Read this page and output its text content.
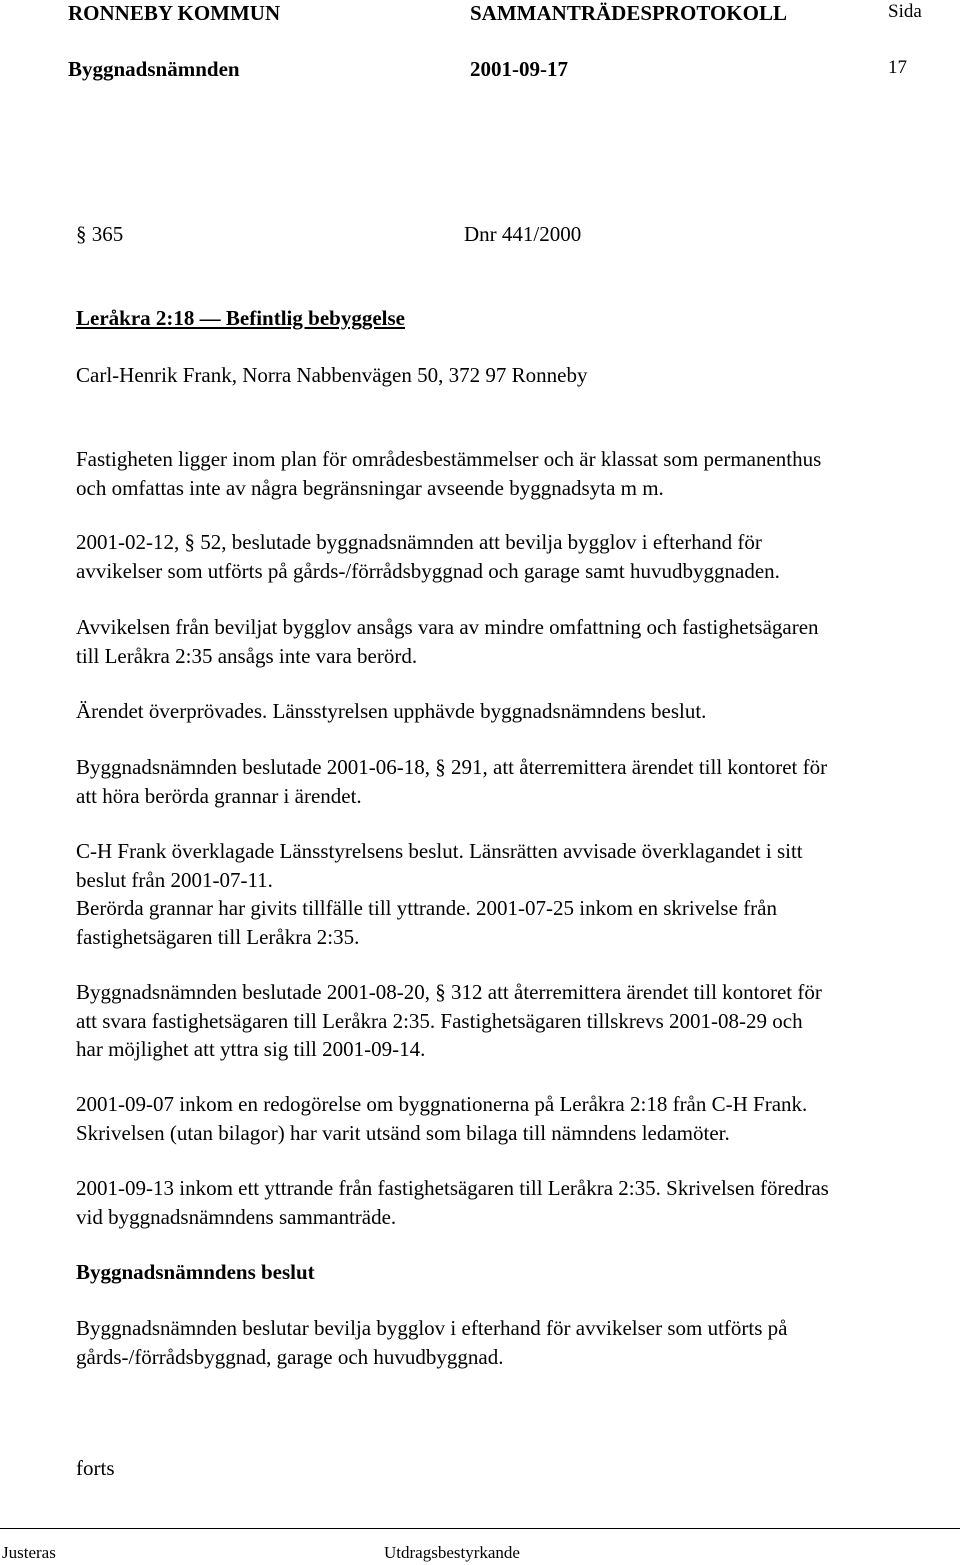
RONNEBY KOMMUN	SAMMANTRÄDESPROTOKOLL	Sida
Byggnadsnämnden	2001-09-17	17
§ 365	Dnr 441/2000
Leråkra 2:18 — Befintlig bebyggelse
Carl-Henrik Frank, Norra Nabbenvägen 50, 372 97 Ronneby
Fastigheten ligger inom plan för områdesbestämmelser och är klassat som permanenthus
och omfattas inte av några begränsningar avseende byggnadsyta m m.
2001-02-12, § 52, beslutade byggnadsnämnden att bevilja bygglov i efterhand för
avvikelser som utförts på gårds-/förrådsbyggnad och garage samt huvudbyggnaden.
Avvikelsen från beviljat bygglov ansågs vara av mindre omfattning och fastighetsägaren
till Leråkra 2:35 ansågs inte vara berörd.
Ärendet överprövades. Länsstyrelsen upphävde byggnadsnämndens beslut.
Byggnadsnämnden beslutade 2001-06-18, § 291, att återremittera ärendet till kontoret för
att höra berörda grannar i ärendet.
C-H Frank överklagade Länsstyrelsens beslut. Länsrätten avvisade överklagandet i sitt
beslut från 2001-07-11.
Berörda grannar har givits tillfälle till yttrande. 2001-07-25 inkom en skrivelse från
fastighetsägaren till Leråkra 2:35.
Byggnadsnämnden beslutade 2001-08-20, § 312 att återremittera ärendet till kontoret för
att svara fastighetsägaren till Leråkra 2:35. Fastighetsägaren tillskrevs 2001-08-29 och
har möjlighet att yttra sig till 2001-09-14.
2001-09-07 inkom en redogörelse om byggnationerna på Leråkra 2:18 från C-H Frank.
Skrivelsen (utan bilagor) har varit utsänd som bilaga till nämndens ledamöter.
2001-09-13 inkom ett yttrande från fastighetsägaren till Leråkra 2:35. Skrivelsen föredras
vid byggnadsnämndens sammanträde.
Byggnadsnämndens beslut
Byggnadsnämnden beslutar bevilja bygglov i efterhand för avvikelser som utförts på
gårds-/förrådsbyggnad, garage och huvudbyggnad.
forts
Justeras	Utdragsbestyrkande
